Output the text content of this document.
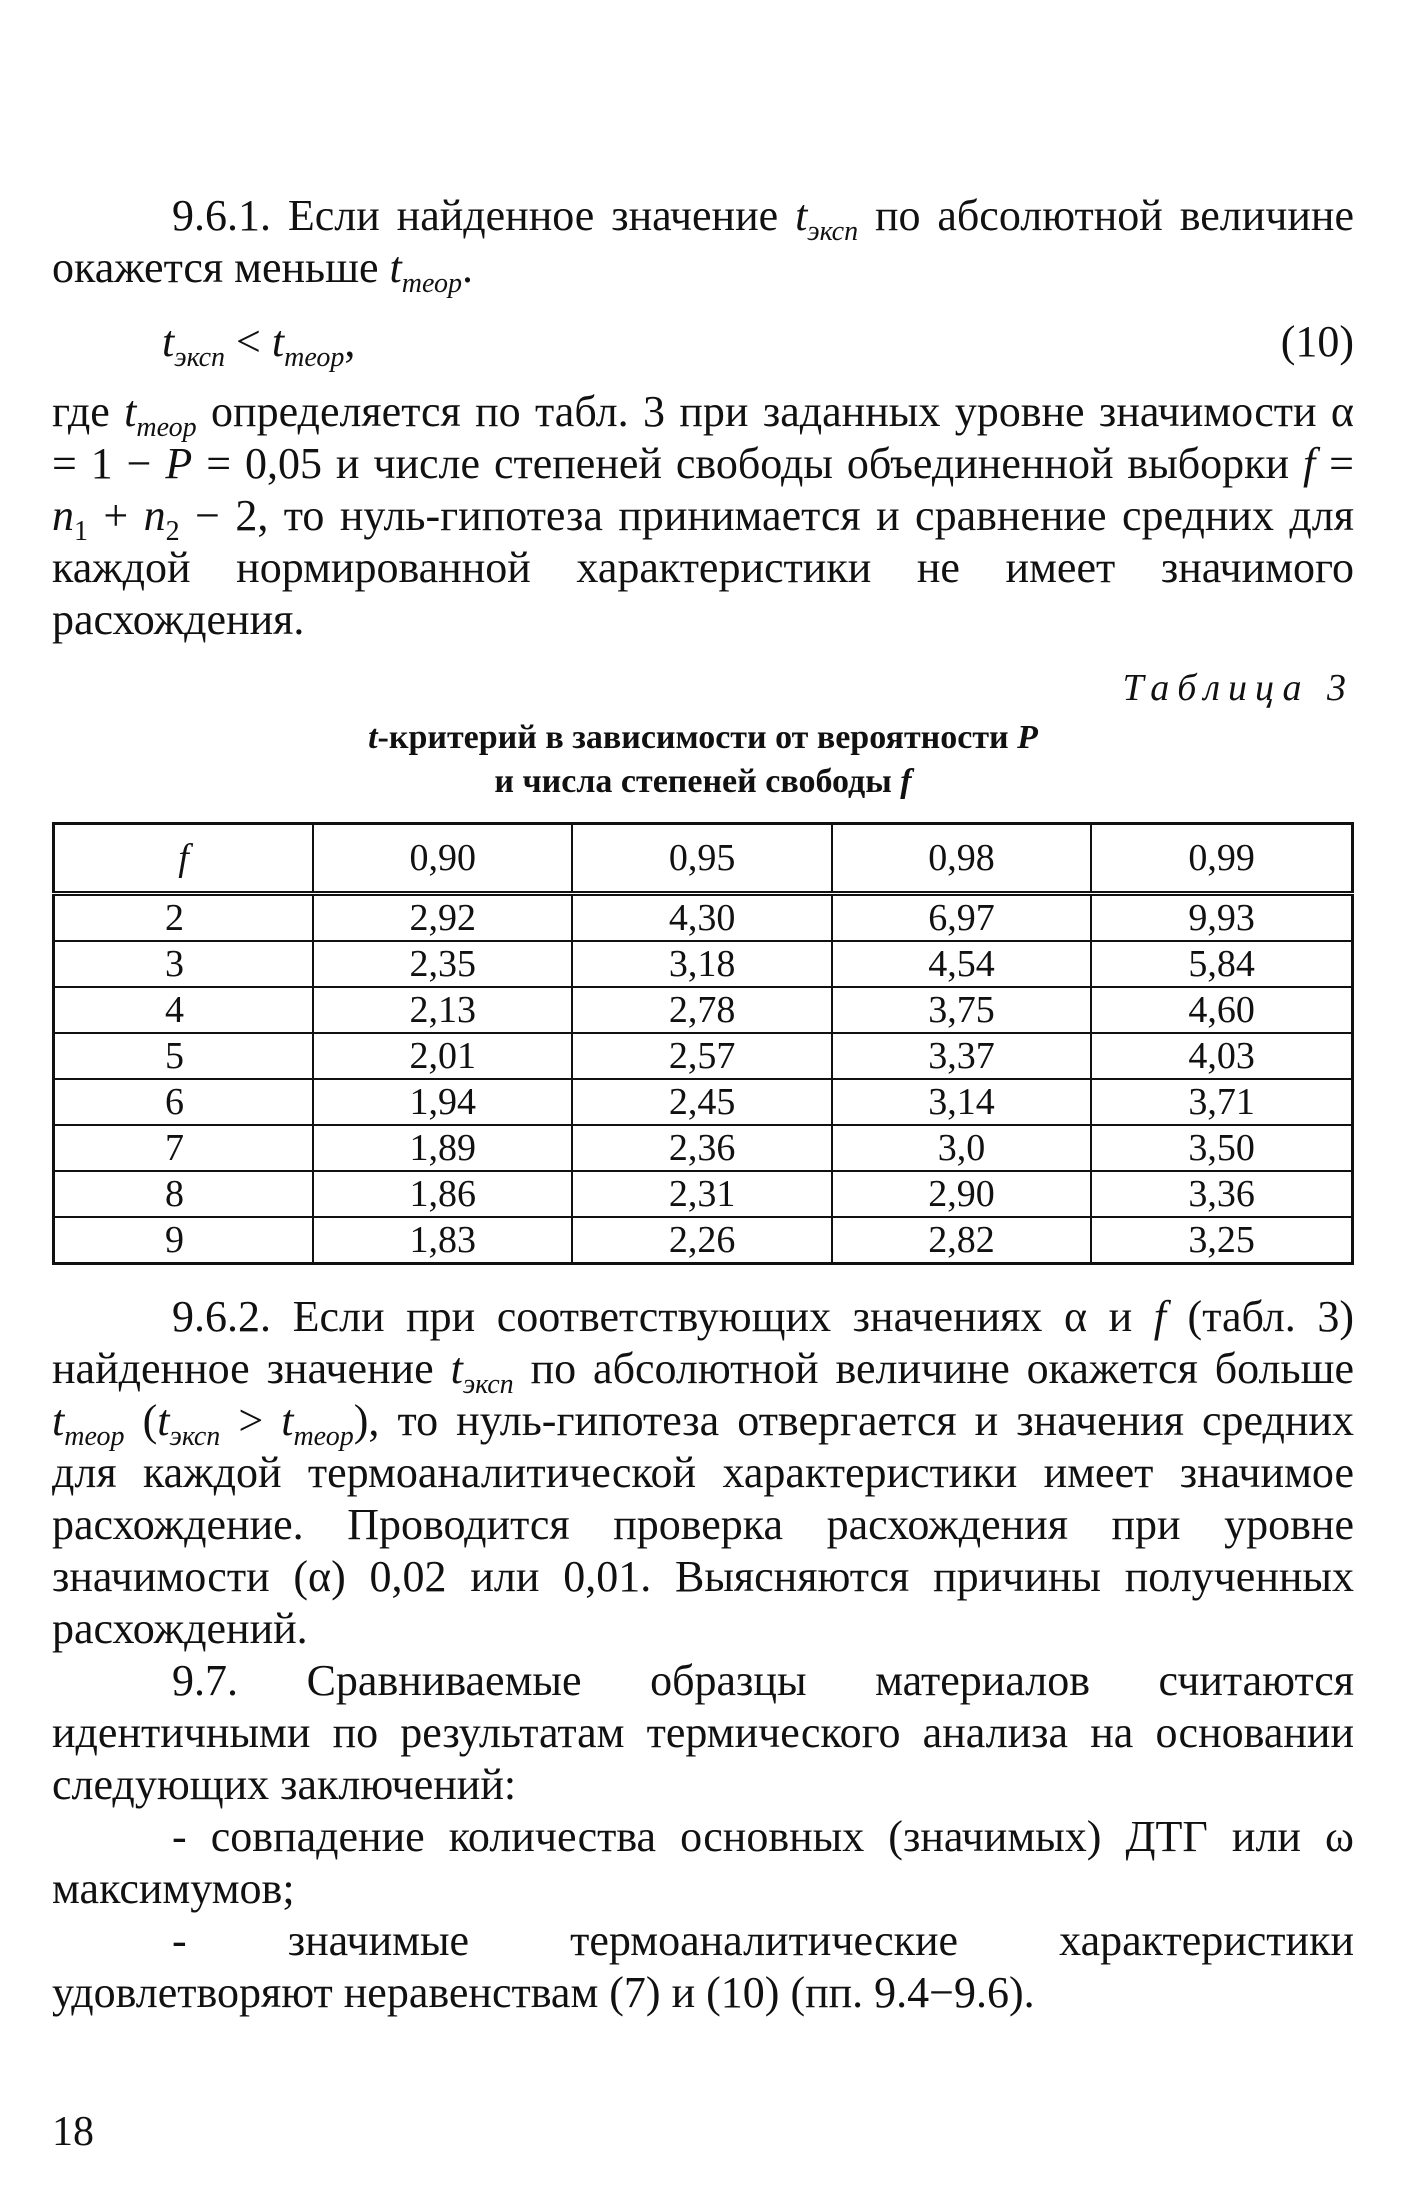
9.6.1. Если найденное значение $t_{эксп}$ по абсолютной величине окажется меньше $t_{теор}$.

$t_{эксп} < t_{теор}$,	(10)

где $t_{теор}$ определяется по табл. 3 при заданных уровне значимости α = 1 − P = 0,05 и числе степеней свободы объединенной выборки $f = n_1 + n_2 - 2$, то нуль-гипотеза принимается и сравнение средних для каждой нормированной характеристики не имеет значимого расхождения.

Таблица 3
t-критерий в зависимости от вероятности P
и числа степеней свободы f
f	0,90	0,95	0,98	0,99
2	2,92	4,30	6,97	9,93
3	2,35	3,18	4,54	5,84
4	2,13	2,78	3,75	4,60
5	2,01	2,57	3,37	4,03
6	1,94	2,45	3,14	3,71
7	1,89	2,36	3,0	3,50
8	1,86	2,31	2,90	3,36
9	1,83	2,26	2,82	3,25

9.6.2. Если при соответствующих значениях α и f (табл. 3) найденное значение $t_{эксп}$ по абсолютной величине окажется больше $t_{теор}$ $(t_{эксп} > t_{теор})$, то нуль-гипотеза отвергается и значения средних для каждой термоаналитической характеристики имеет значимое расхождение. Проводится проверка расхождения при уровне значимости (α) 0,02 или 0,01. Выясняются причины полученных расхождений.

9.7. Сравниваемые образцы материалов считаются идентичными по результатам термического анализа на основании следующих заключений:

- совпадение количества основных (значимых) ДТГ или ω максимумов;

- значимые термоаналитические характеристики удовлетворяют неравенствам (7) и (10) (пп. 9.4−9.6).

18
